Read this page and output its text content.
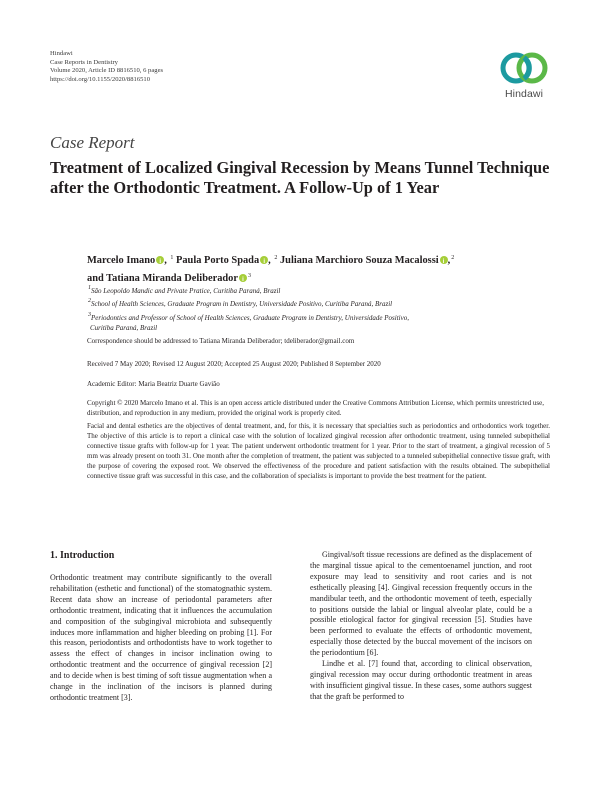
Hindawi
Case Reports in Dentistry
Volume 2020, Article ID 8816510, 6 pages
https://doi.org/10.1155/2020/8816510
Hindawi
Case Report
Treatment of Localized Gingival Recession by Means Tunnel Technique after the Orthodontic Treatment. A Follow-Up of 1 Year
Marcelo Imano i , $^1$ Paula Porto Spada i , $^2$ Juliana Marchioro Souza Macalossi i ,$^2$
and Tatiana Miranda Deliberador i $^3$
$^1$São Leopoldo Mandic and Private Pratice, Curitiba Paraná, Brazil
$^2$School of Health Sciences, Graduate Program in Dentistry, Universidade Positivo, Curitiba Paraná, Brazil
$^3$Periodontics and Professor of School of Health Sciences, Graduate Program in Dentistry, Universidade Positivo,
Curitiba Paraná, Brazil
Correspondence should be addressed to Tatiana Miranda Deliberador; tdeliberador@gmail.com
Received 7 May 2020; Revised 12 August 2020; Accepted 25 August 2020; Published 8 September 2020
Academic Editor: Maria Beatriz Duarte Gavião
Copyright © 2020 Marcelo Imano et al. This is an open access article distributed under the Creative Commons Attribution License, which permits unrestricted use, distribution, and reproduction in any medium, provided the original work is properly cited.
Facial and dental esthetics are the objectives of dental treatment, and, for this, it is necessary that specialties such as periodontics and orthodontics work together. The objective of this article is to report a clinical case with the solution of localized gingival recession after orthodontic treatment, using tunneled subepithelial connective tissue grafts with follow-up for 1 year. The patient underwent orthodontic treatment for 1 year. Prior to the start of treatment, a gingival recession of 5 mm was already present on tooth 31. One month after the completion of treatment, the patient was subjected to a tunneled subepithelial connective tissue graft, with the purpose of covering the exposed root. We observed the effectiveness of the procedure and patient satisfaction with the results obtained. The subepithelial connective tissue graft was successful in this case, and the collaboration of specialists is important to provide the best treatment for the patient.
1. Introduction

Orthodontic treatment may contribute significantly to the overall rehabilitation (esthetic and functional) of the stomatognathic system. Recent data show an increase of periodontal parameters after orthodontic treatment, indicating that it influences the accumulation and composition of the subgingival microbiota and subsequently induces more inflammation and higher bleeding on probing [1]. For this reason, periodontists and orthodontists have to work together to assess the effect of changes in incisor inclination owing to orthodontic treatment and the occurrence of gingival recession [2] and to decide when is best timing of soft tissue augmentation when a change in the inclination of the incisors is planned during orthodontic treatment [3].

Gingival/soft tissue recessions are defined as the displacement of the marginal tissue apical to the cementoenamel junction, and root exposure may lead to sensitivity and root caries and is not esthetically pleasing [4]. Gingival recession frequently occurs in the mandibular teeth, and the orthodontic movement of teeth, especially to positions outside the labial or lingual alveolar plate, could be a possible etiological factor for gingival recession [5]. Studies have been performed to evaluate the effects of orthodontic movement, especially those detected by the buccal movement of the incisors on the periodontium [6].

Lindhe et al. [7] found that, according to clinical observation, gingival recession may occur during orthodontic treatment in areas with insufficient gingival tissue. In these cases, some authors suggest that the graft be performed to
